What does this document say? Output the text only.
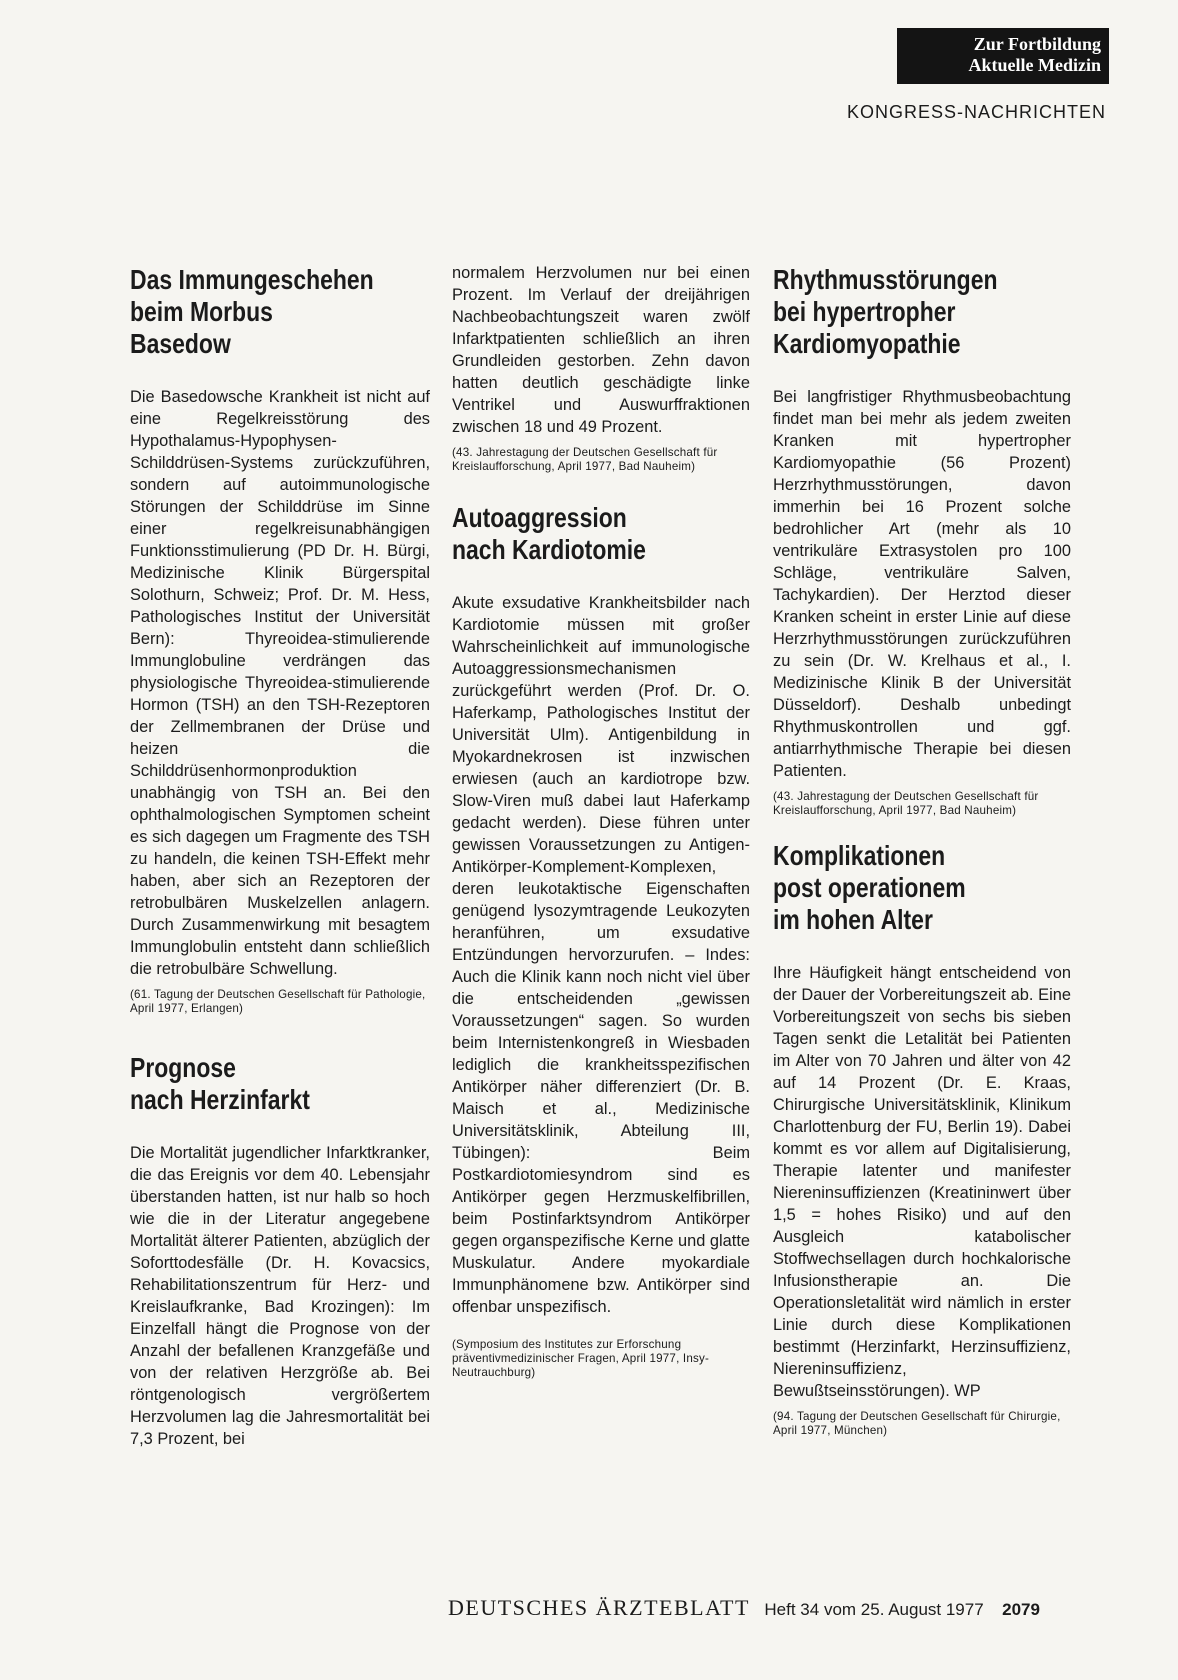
Zur Fortbildung
Aktuelle Medizin
KONGRESS-NACHRICHTEN
Das Immungeschehen
beim Morbus Basedow

Die Basedowsche Krankheit ist nicht auf eine Regelkreisstörung des Hypothalamus-Hypophysen-Schilddrüsen-Systems zurückzuführen, sondern auf autoimmunologische Störungen der Schilddrüse im Sinne einer regelkreisunabhängigen Funktionsstimulierung (PD Dr. H. Bürgi, Medizinische Klinik Bürgerspital Solothurn, Schweiz; Prof. Dr. M. Hess, Pathologisches Institut der Universität Bern): Thyreoidea-stimulierende Immunglobuline verdrängen das physiologische Thyreoidea-stimulierende Hormon (TSH) an den TSH-Rezeptoren der Zellmembranen der Drüse und heizen die Schilddrüsenhormonproduktion unabhängig von TSH an. Bei den ophthalmologischen Symptomen scheint es sich dagegen um Fragmente des TSH zu handeln, die keinen TSH-Effekt mehr haben, aber sich an Rezeptoren der retrobulbären Muskelzellen anlagern. Durch Zusammenwirkung mit besagtem Immunglobulin entsteht dann schließlich die retrobulbäre Schwellung.

(61. Tagung der Deutschen Gesellschaft für Pathologie, April 1977, Erlangen)

Prognose
nach Herzinfarkt

Die Mortalität jugendlicher Infarktkranker, die das Ereignis vor dem 40. Lebensjahr überstanden hatten, ist nur halb so hoch wie die in der Literatur angegebene Mortalität älterer Patienten, abzüglich der Soforttodesfälle (Dr. H. Kovacsics, Rehabilitationszentrum für Herz- und Kreislaufkranke, Bad Krozingen): Im Einzelfall hängt die Prognose von der Anzahl der befallenen Kranzgefäße und von der relativen Herzgröße ab. Bei röntgenologisch vergrößertem Herzvolumen lag die Jahresmortalität bei 7,3 Prozent, bei

normalem Herzvolumen nur bei einen Prozent. Im Verlauf der dreijährigen Nachbeobachtungszeit waren zwölf Infarktpatienten schließlich an ihren Grundleiden gestorben. Zehn davon hatten deutlich geschädigte linke Ventrikel und Auswurffraktionen zwischen 18 und 49 Prozent.

(43. Jahrestagung der Deutschen Gesellschaft für Kreislaufforschung, April 1977, Bad Nauheim)

Autoaggression
nach Kardiotomie

Akute exsudative Krankheitsbilder nach Kardiotomie müssen mit großer Wahrscheinlichkeit auf immunologische Autoaggressionsmechanismen zurückgeführt werden (Prof. Dr. O. Haferkamp, Pathologisches Institut der Universität Ulm). Antigenbildung in Myokardnekrosen ist inzwischen erwiesen (auch an kardiotrope bzw. Slow-Viren muß dabei laut Haferkamp gedacht werden). Diese führen unter gewissen Voraussetzungen zu Antigen-Antikörper-Komplement-Komplexen, deren leukotaktische Eigenschaften genügend lysozymtragende Leukozyten heranführen, um exsudative Entzündungen hervorzurufen. – Indes: Auch die Klinik kann noch nicht viel über die entscheidenden „gewissen Voraussetzungen“ sagen. So wurden beim Internistenkongreß in Wiesbaden lediglich die krankheitsspezifischen Antikörper näher differenziert (Dr. B. Maisch et al., Medizinische Universitätsklinik, Abteilung III, Tübingen): Beim Postkardiotomiesyndrom sind es Antikörper gegen Herzmuskelfibrillen, beim Postinfarktsyndrom Antikörper gegen organspezifische Kerne und glatte Muskulatur. Andere myokardiale Immunphänomene bzw. Antikörper sind offenbar unspezifisch.

(Symposium des Institutes zur Erforschung präventivmedizinischer Fragen, April 1977, Insy-Neutrauchburg)

Rhythmusstörungen
bei hypertropher
Kardiomyopathie

Bei langfristiger Rhythmusbeobachtung findet man bei mehr als jedem zweiten Kranken mit hypertropher Kardiomyopathie (56 Prozent) Herzrhythmusstörungen, davon immerhin bei 16 Prozent solche bedrohlicher Art (mehr als 10 ventrikuläre Extrasystolen pro 100 Schläge, ventrikuläre Salven, Tachykardien). Der Herztod dieser Kranken scheint in erster Linie auf diese Herzrhythmusstörungen zurückzuführen zu sein (Dr. W. Krelhaus et al., I. Medizinische Klinik B der Universität Düsseldorf). Deshalb unbedingt Rhythmuskontrollen und ggf. antiarrhythmische Therapie bei diesen Patienten.

(43. Jahrestagung der Deutschen Gesellschaft für Kreislaufforschung, April 1977, Bad Nauheim)

Komplikationen
post operationem
im hohen Alter

Ihre Häufigkeit hängt entscheidend von der Dauer der Vorbereitungszeit ab. Eine Vorbereitungszeit von sechs bis sieben Tagen senkt die Letalität bei Patienten im Alter von 70 Jahren und älter von 42 auf 14 Prozent (Dr. E. Kraas, Chirurgische Universitätsklinik, Klinikum Charlottenburg der FU, Berlin 19). Dabei kommt es vor allem auf Digitalisierung, Therapie latenter und manifester Niereninsuffizienzen (Kreatininwert über 1,5 = hohes Risiko) und auf den Ausgleich katabolischer Stoffwechsellagen durch hochkalorische Infusionstherapie an. Die Operationsletalität wird nämlich in erster Linie durch diese Komplikationen bestimmt (Herzinfarkt, Herzinsuffizienz, Niereninsuffizienz, Bewußtseinsstörungen). WP

(94. Tagung der Deutschen Gesellschaft für Chirurgie, April 1977, München)

DEUTSCHES ÄRZTEBLATT Heft 34 vom 25. August 1977 2079
